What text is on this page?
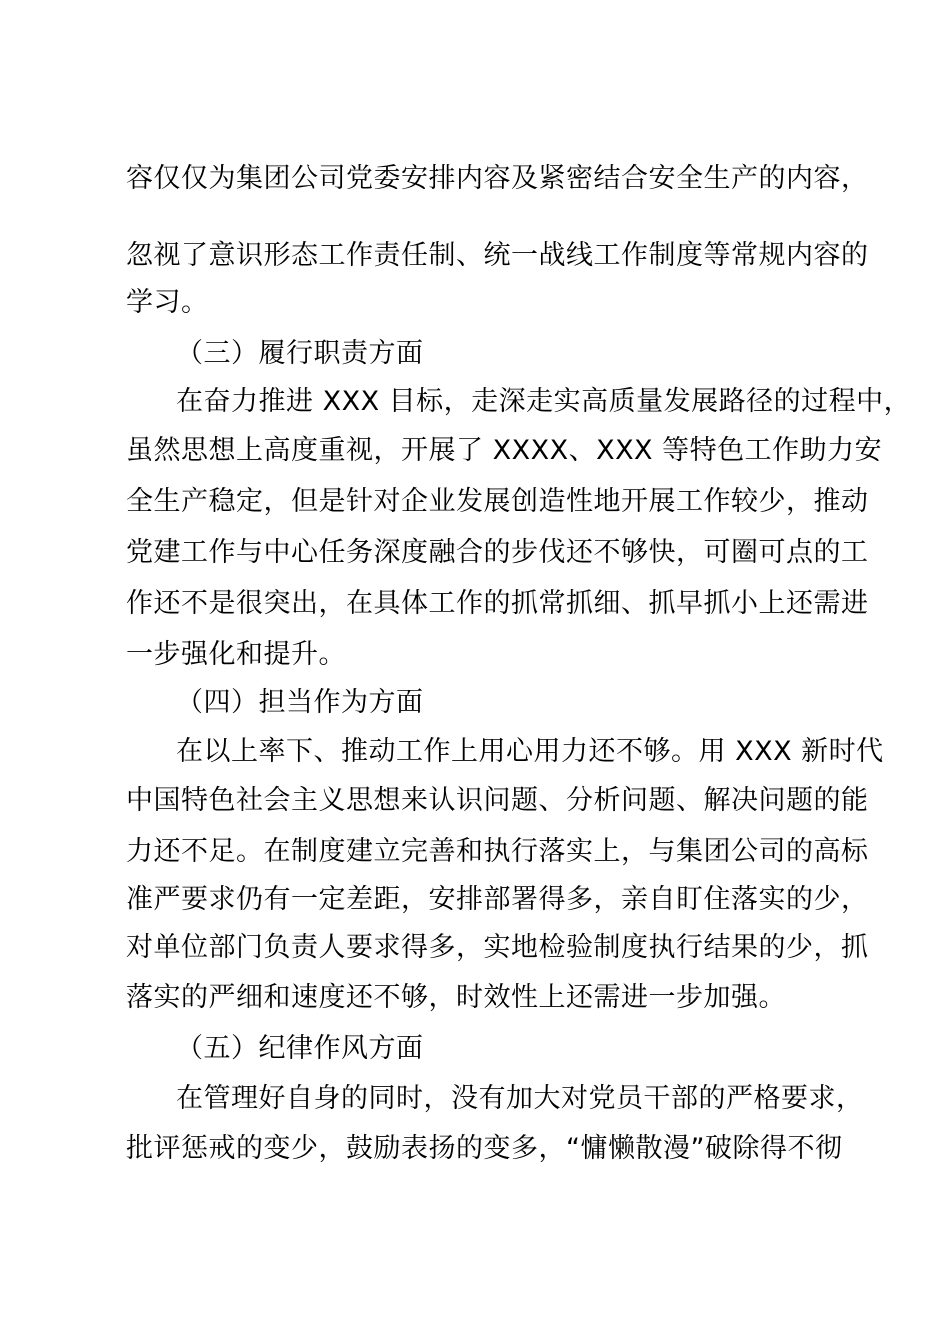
容仅仅为集团公司党委安排内容及紧密结合安全生产的内容，
忽视了意识形态工作责任制、统一战线工作制度等常规内容的
学习。
（三）履行职责方面
在奋力推进 XXX 目标，走深走实高质量发展路径的过程中，
虽然思想上高度重视，开展了 XXXX、XXX 等特色工作助力安
全生产稳定，但是针对企业发展创造性地开展工作较少，推动
党建工作与中心任务深度融合的步伐还不够快，可圈可点的工
作还不是很突出，在具体工作的抓常抓细、抓早抓小上还需进
一步强化和提升。
（四）担当作为方面
在以上率下、推动工作上用心用力还不够。用 XXX 新时代
中国特色社会主义思想来认识问题、分析问题、解决问题的能
力还不足。在制度建立完善和执行落实上，与集团公司的高标
准严要求仍有一定差距，安排部署得多，亲自盯住落实的少，
对单位部门负责人要求得多，实地检验制度执行结果的少，抓
落实的严细和速度还不够，时效性上还需进一步加强。
（五）纪律作风方面
在管理好自身的同时，没有加大对党员干部的严格要求，
批评惩戒的变少，鼓励表扬的变多，“慵懒散漫”破除得不彻
